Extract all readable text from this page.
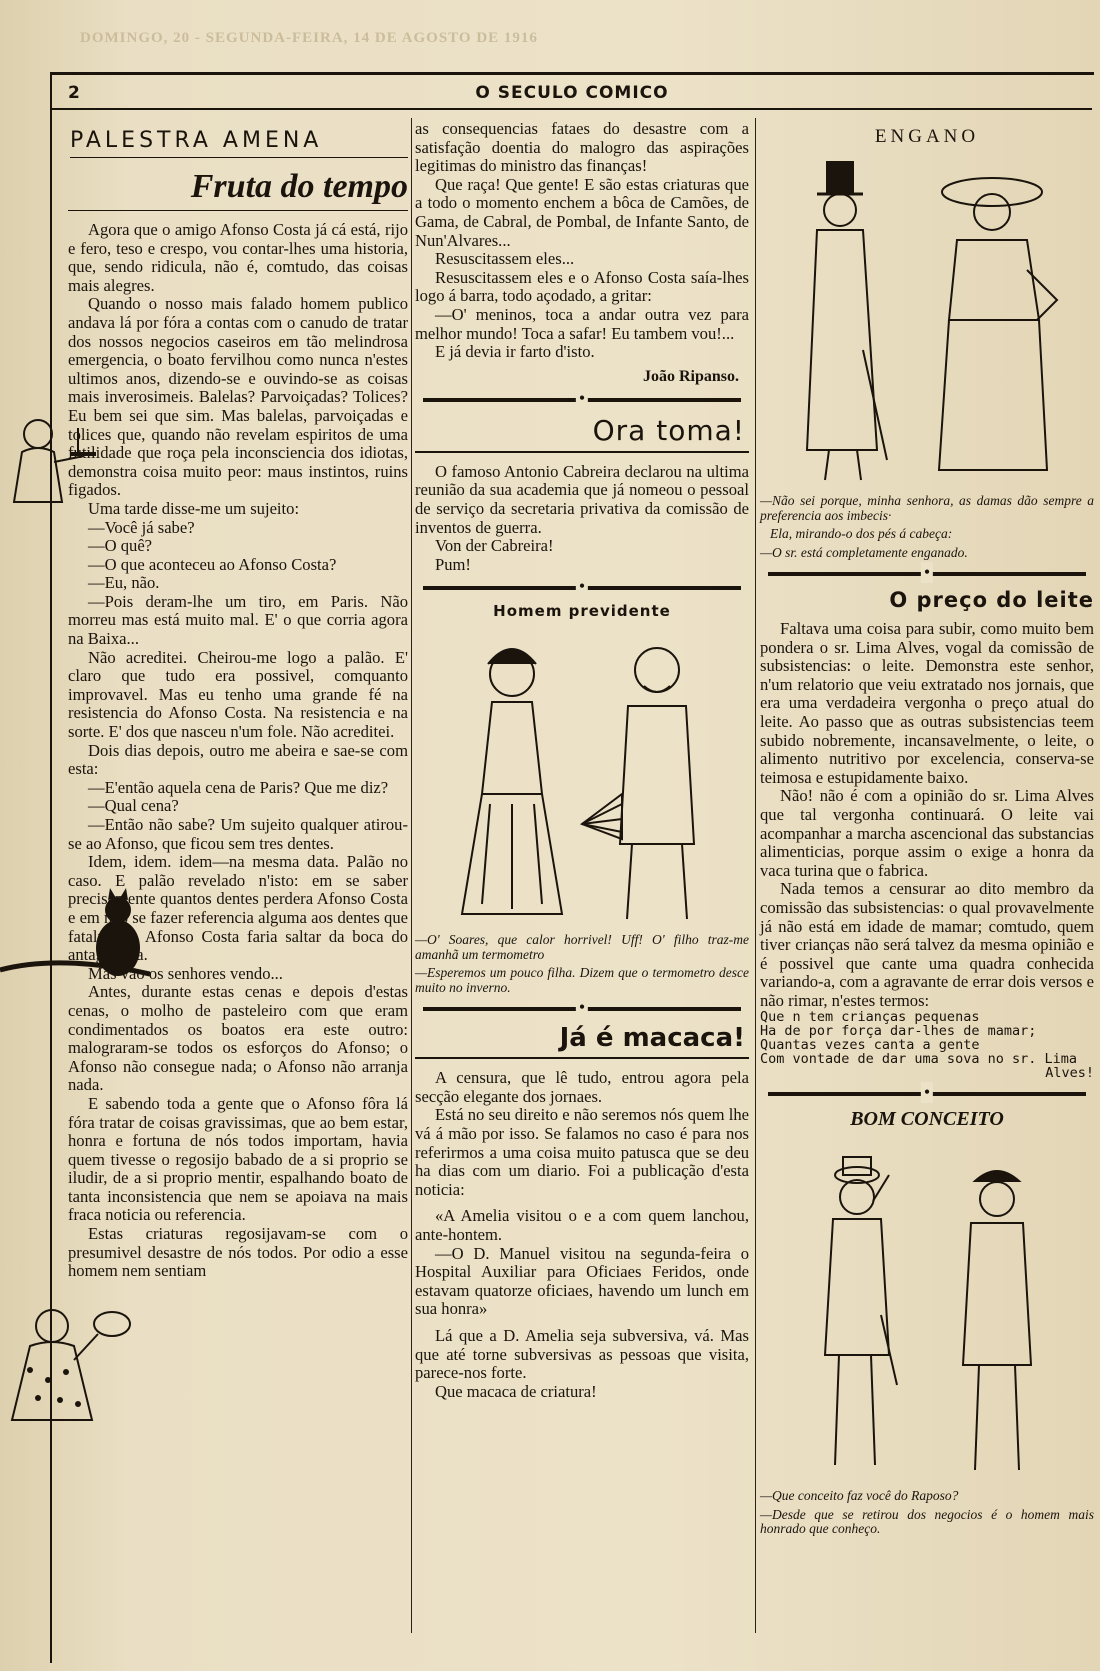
DOMINGO, 20 - SEGUNDA-FEIRA, 14 DE AGOSTO DE 1916
2	O SECULO COMICO
PALESTRA AMENA
Fruta do tempo

Agora que o amigo Afonso Costa já cá está, rijo e fero, teso e crespo, vou contar-lhes uma historia, que, sendo ridicula, não é, comtudo, das coisas mais alegres.

Quando o nosso mais falado homem publico andava lá por fóra a contas com o canudo de tratar dos nossos negocios caseiros em tão melindrosa emergencia, o boato fervilhou como nunca n'estes ultimos anos, dizendo-se e ouvindo-se as coisas mais inverosimeis. Balelas? Parvoiçadas? Tolices? Eu bem sei que sim. Mas balelas, parvoiçadas e tolices que, quando não revelam espiritos de uma futilidade que roça pela inconsciencia dos idiotas, demonstra coisa muito peor: maus instintos, ruins figados.

Uma tarde disse-me um sujeito:

—Você já sabe?

—O quê?

—O que aconteceu ao Afonso Costa?

—Eu, não.

—Pois deram-lhe um tiro, em Paris. Não morreu mas está muito mal. E' o que corria agora na Baixa...

Não acreditei. Cheirou-me logo a palão. E' claro que tudo era possivel, comquanto improvavel. Mas eu tenho uma grande fé na resistencia do Afonso Costa. Na resistencia e na sorte. E' dos que nasceu n'um fole. Não acreditei.

Dois dias depois, outro me abeira e sae-se com esta:

—E'então aquela cena de Paris? Que me diz?

—Qual cena?

—Então não sabe? Um sujeito qualquer atirou-se ao Afonso, que ficou sem tres dentes.

Idem, idem. idem—na mesma data. Palão no caso. E palão revelado n'isto: em se saber precisamente quantos dentes perdera Afonso Costa e em não se fazer referencia alguma aos dentes que fatalmente Afonso Costa faria saltar da boca do antagonista.

Mas vão os senhores vendo...

Antes, durante estas cenas e depois d'estas cenas, o molho de pasteleiro com que eram condimentados os boatos era este outro: malograram-se todos os esforços do Afonso; o Afonso não consegue nada; o Afonso não arranja nada.

E sabendo toda a gente que o Afonso fôra lá fóra tratar de coisas gravissimas, que ao bem estar, honra e fortuna de nós todos importam, havia quem tivesse o regosijo babado de a si proprio se iludir, de a si proprio mentir, espalhando boato de tanta inconsistencia que nem se apoiava na mais fraca noticia ou referencia.

Estas criaturas regosijavam-se com o presumivel desastre de nós todos. Por odio a esse homem nem sentiam

as consequencias fataes do desastre com a satisfação doentia do malogro das aspirações legitimas do ministro das finanças!

Que raça! Que gente! E são estas criaturas que a todo o momento enchem a bôca de Camões, de Gama, de Cabral, de Pombal, de Infante Santo, de Nun'Alvares...

Resuscitassem eles...

Resuscitassem eles e o Afonso Costa saía-lhes logo á barra, todo açodado, a gritar:

—O' meninos, toca a andar outra vez para melhor mundo! Toca a safar! Eu tambem vou!...

E já devia ir farto d'isto.

João Ripanso.
•
Ora toma!

O famoso Antonio Cabreira declarou na ultima reunião da sua academia que já nomeou o pessoal de serviço da secretaria privativa da comissão de inventos de guerra.

Von der Cabreira!

Pum!

•
Homem previdente

—O' Soares, que calor horrivel! Uff! O' filho traz-me amanhã um termometro

—Esperemos um pouco filha. Dizem que o termometro desce muito no inverno.

•
Já é macaca!

A censura, que lê tudo, entrou agora pela secção elegante dos jornaes.

Está no seu direito e não seremos nós quem lhe vá á mão por isso. Se falamos no caso é para nos referirmos a uma coisa muito patusca que se deu ha dias com um diario. Foi a publicação d'esta noticia:

«A Amelia visitou o e a com quem lanchou, ante-hontem.

—O D. Manuel visitou na segunda-feira o Hospital Auxiliar para Oficiaes Feridos, onde estavam quatorze oficiaes, havendo um lunch em sua honra»

Lá que a D. Amelia seja subversiva, vá. Mas que até torne subversivas as pessoas que visita, parece-nos forte.

Que macaca de criatura!

ENGANO

—Não sei porque, minha senhora, as damas dão sempre a preferencia aos imbecis·

Ela, mirando-o dos pés á cabeça:

—O sr. está completamente enganado.

•
O preço do leite

Faltava uma coisa para subir, como muito bem pondera o sr. Lima Alves, vogal da comissão de subsistencias: o leite. Demonstra este senhor, n'um relatorio que veiu extratado nos jornais, que era uma verdadeira vergonha o preço atual do leite. Ao passo que as outras subsistencias teem subido nobremente, incansavelmente, o leite, o alimento nutritivo por excelencia, conserva-se teimosa e estupidamente baixo.

Não! não é com a opinião do sr. Lima Alves que tal vergonha continuará. O leite vai acompanhar a marcha ascencional das substancias alimenticias, porque assim o exige a honra da vaca turina que o fabrica.

Nada temos a censurar ao dito membro da comissão das subsistencias: o qual provavelmente já não está em idade de mamar; comtudo, quem tiver crianças não será talvez da mesma opinião e é possivel que cante uma quadra conhecida variando-a, com a agravante de errar dois versos e não rimar, n'estes termos:

Que n tem crianças pequenas

Ha de por força dar-lhes de mamar;

Quantas vezes canta a gente

Com vontade de dar uma sova no sr. Lima

Alves!

•
BOM CONCEITO

—Que conceito faz você do Raposo?

—Desde que se retirou dos negocios é o homem mais honrado que conheço.
